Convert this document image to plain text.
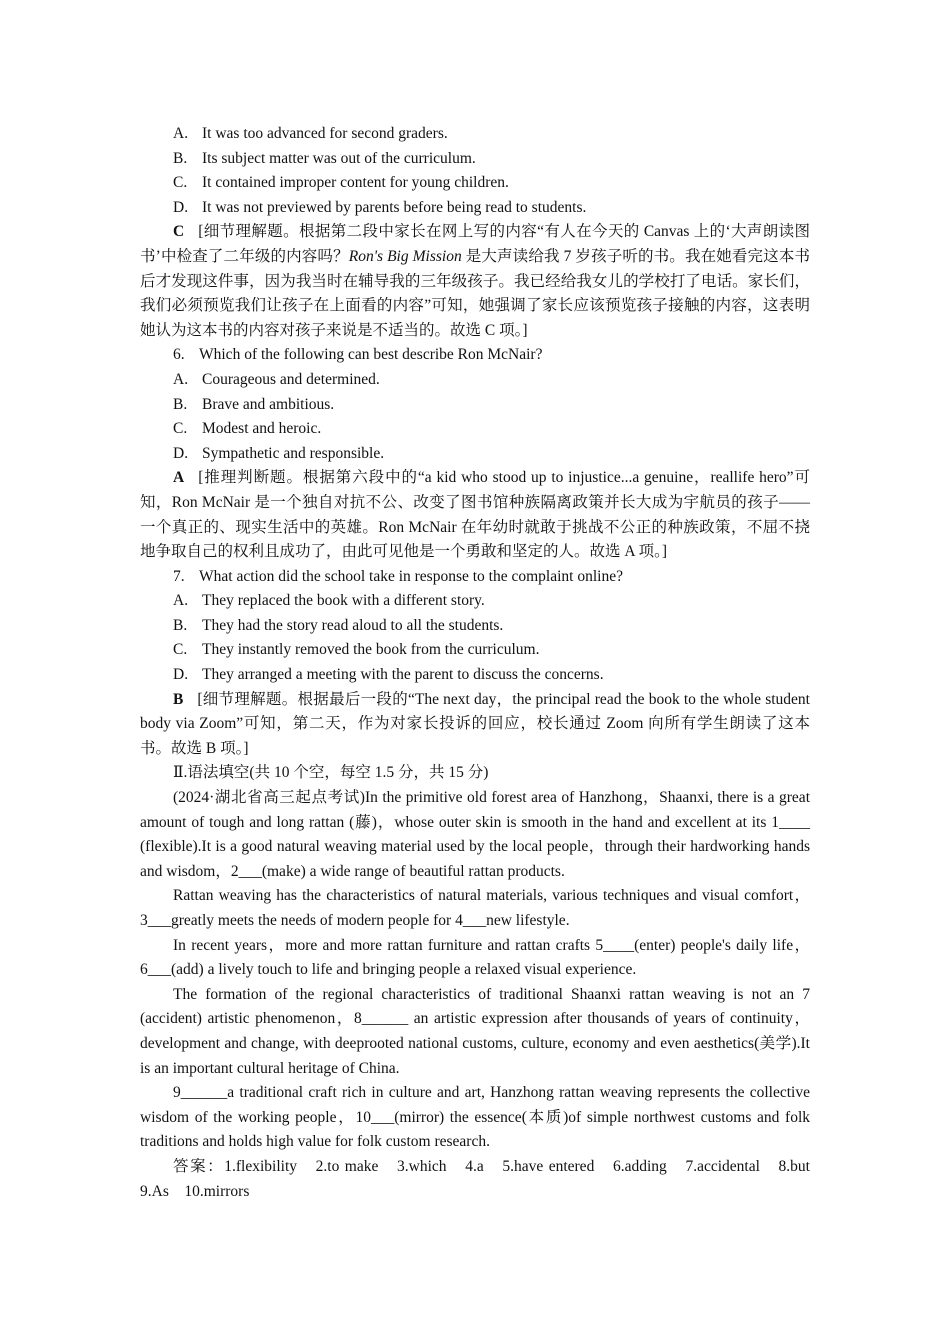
A. It was too advanced for second graders.
B. Its subject matter was out of the curriculum.
C. It contained improper content for young children.
D. It was not previewed by parents before being read to students.
C [细节理解题。根据第二段中家长在网上写的内容“有人在今天的 Canvas 上的‘大声朗读图书’中检查了二年级的内容吗？Ron's Big Mission 是大声读给我 7 岁孩子听的书。我在她看完这本书后才发现这件事，因为我当时在辅导我的三年级孩子。我已经给我女儿的学校打了电话。家长们，我们必须预览我们让孩子在上面看的内容”可知，她强调了家长应该预览孩子接触的内容，这表明她认为这本书的内容对孩子来说是不适当的。故选 C 项。]
6. Which of the following can best describe Ron McNair?
A. Courageous and determined.
B. Brave and ambitious.
C. Modest and heroic.
D. Sympathetic and responsible.
A [推理判断题。根据第六段中的“a kid who stood up to injustice...a genuine，reallife hero”可知，Ron McNair 是一个独自对抗不公、改变了图书馆种族隔离政策并长大成为宇航员的孩子——一个真正的、现实生活中的英雄。Ron McNair 在年幼时就敢于挑战不公正的种族政策，不屈不挠地争取自己的权利且成功了，由此可见他是一个勇敢和坚定的人。故选 A 项。]
7. What action did the school take in response to the complaint online?
A. They replaced the book with a different story.
B. They had the story read aloud to all the students.
C. They instantly removed the book from the curriculum.
D. They arranged a meeting with the parent to discuss the concerns.
B [细节理解题。根据最后一段的“The next day，the principal read the book to the whole student body via Zoom”可知，第二天，作为对家长投诉的回应，校长通过 Zoom 向所有学生朗读了这本书。故选 B 项。]
Ⅱ.语法填空(共 10 个空，每空 1.5 分，共 15 分)
(2024·湖北省高三起点考试)In the primitive old forest area of Hanzhong，Shaanxi, there is a great amount of tough and long rattan (藤)，whose outer skin is smooth in the hand and excellent at its 1____ (flexible).It is a good natural weaving material used by the local people，through their hardworking hands and wisdom，2___(make) a wide range of beautiful rattan products.
Rattan weaving has the characteristics of natural materials, various techniques and visual comfort，3___greatly meets the needs of modern people for 4___new lifestyle.
In recent years，more and more rattan furniture and rattan crafts 5____(enter) people's daily life，6___(add) a lively touch to life and bringing people a relaxed visual experience.
The formation of the regional characteristics of traditional Shaanxi rattan weaving is not an 7 (accident) artistic phenomenon，8______ an artistic expression after thousands of years of continuity，development and change, with deeprooted national customs, culture, economy and even aesthetics(美学).It is an important cultural heritage of China.
9______a traditional craft rich in culture and art, Hanzhong rattan weaving represents the collective wisdom of the working people，10___(mirror) the essence(本质)of simple northwest customs and folk traditions and holds high value for folk custom research.
答案：1.flexibility　2.to make　3.which　4.a　5.have entered　6.adding　7.accidental　8.but　9.As　10.mirrors
